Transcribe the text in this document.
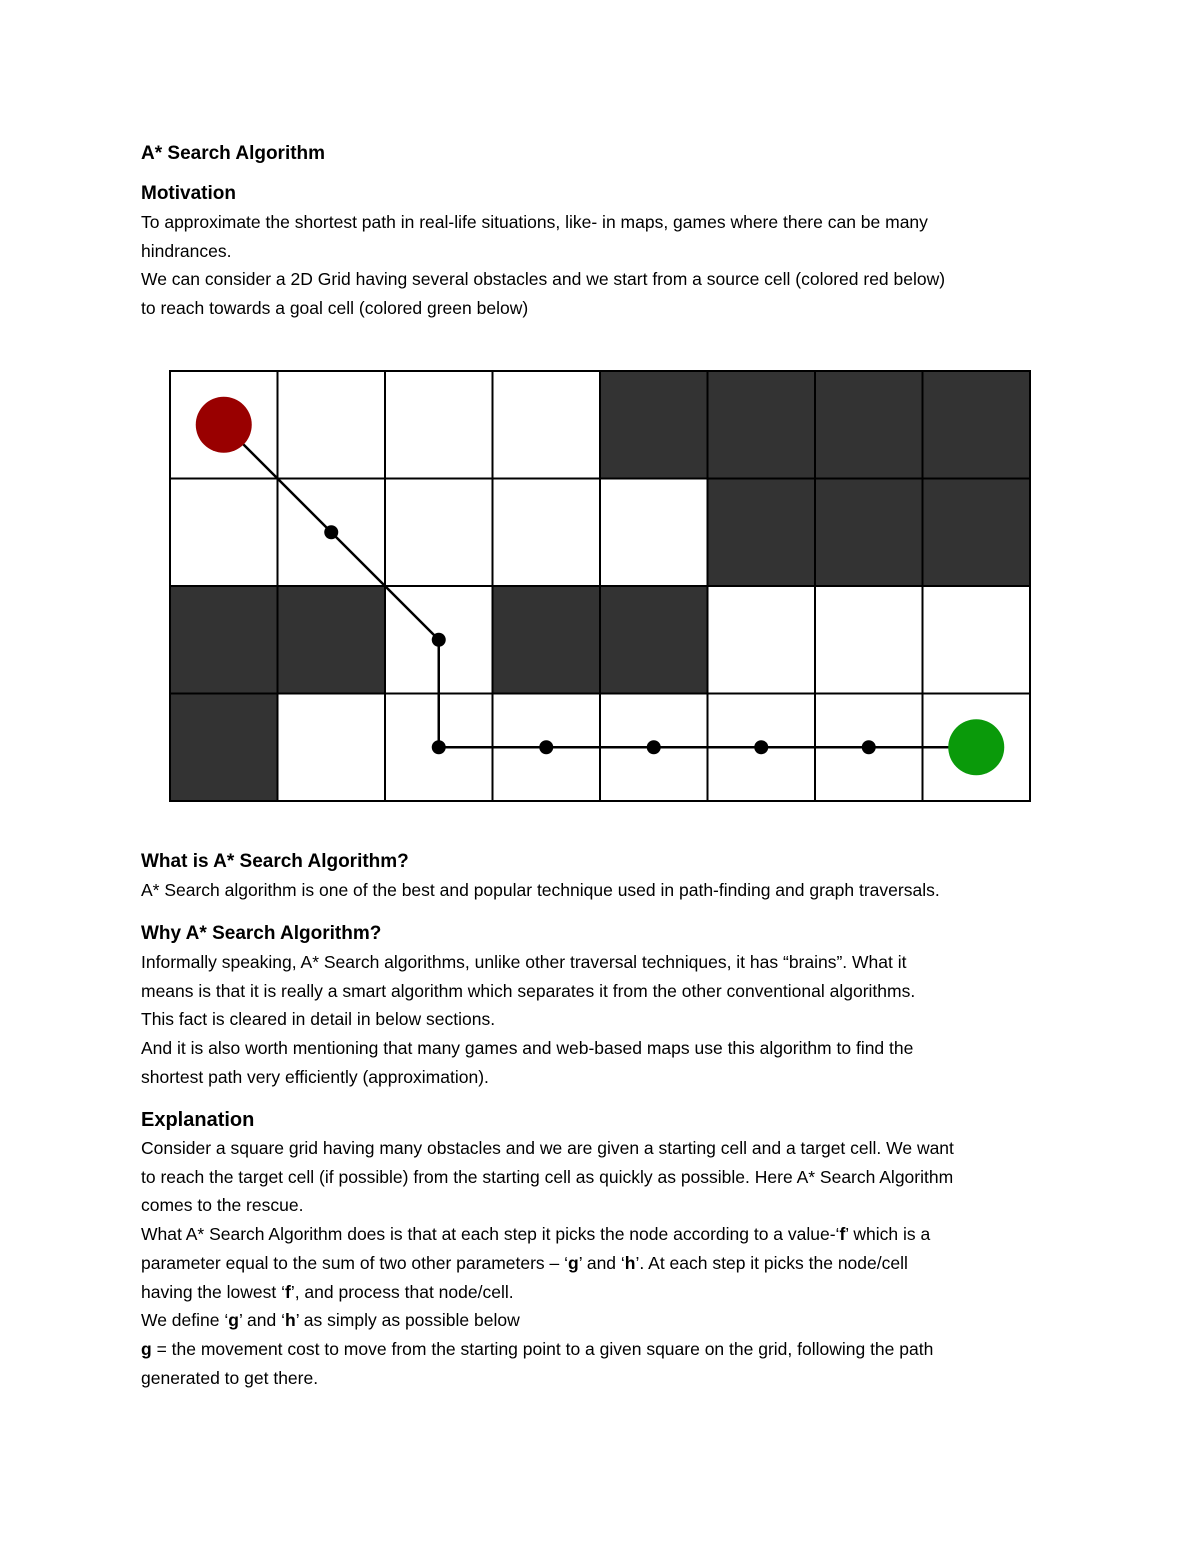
A* Search Algorithm
Motivation
To approximate the shortest path in real-life situations, like- in maps, games where there can be many
hindrances.
We can consider a 2D Grid having several obstacles and we start from a source cell (colored red below)
to reach towards a goal cell (colored green below)
What is A* Search Algorithm?
A* Search algorithm is one of the best and popular technique used in path-finding and graph traversals.
Why A* Search Algorithm?
Informally speaking, A* Search algorithms, unlike other traversal techniques, it has “brains”. What it
means is that it is really a smart algorithm which separates it from the other conventional algorithms.
This fact is cleared in detail in below sections.
And it is also worth mentioning that many games and web-based maps use this algorithm to find the
shortest path very efficiently (approximation).
Explanation
Consider a square grid having many obstacles and we are given a starting cell and a target cell. We want
to reach the target cell (if possible) from the starting cell as quickly as possible. Here A* Search Algorithm
comes to the rescue.
What A* Search Algorithm does is that at each step it picks the node according to a value-‘f’ which is a
parameter equal to the sum of two other parameters – ‘g’ and ‘h’. At each step it picks the node/cell
having the lowest ‘f’, and process that node/cell.
We define ‘g’ and ‘h’ as simply as possible below
g = the movement cost to move from the starting point to a given square on the grid, following the path
generated to get there.
